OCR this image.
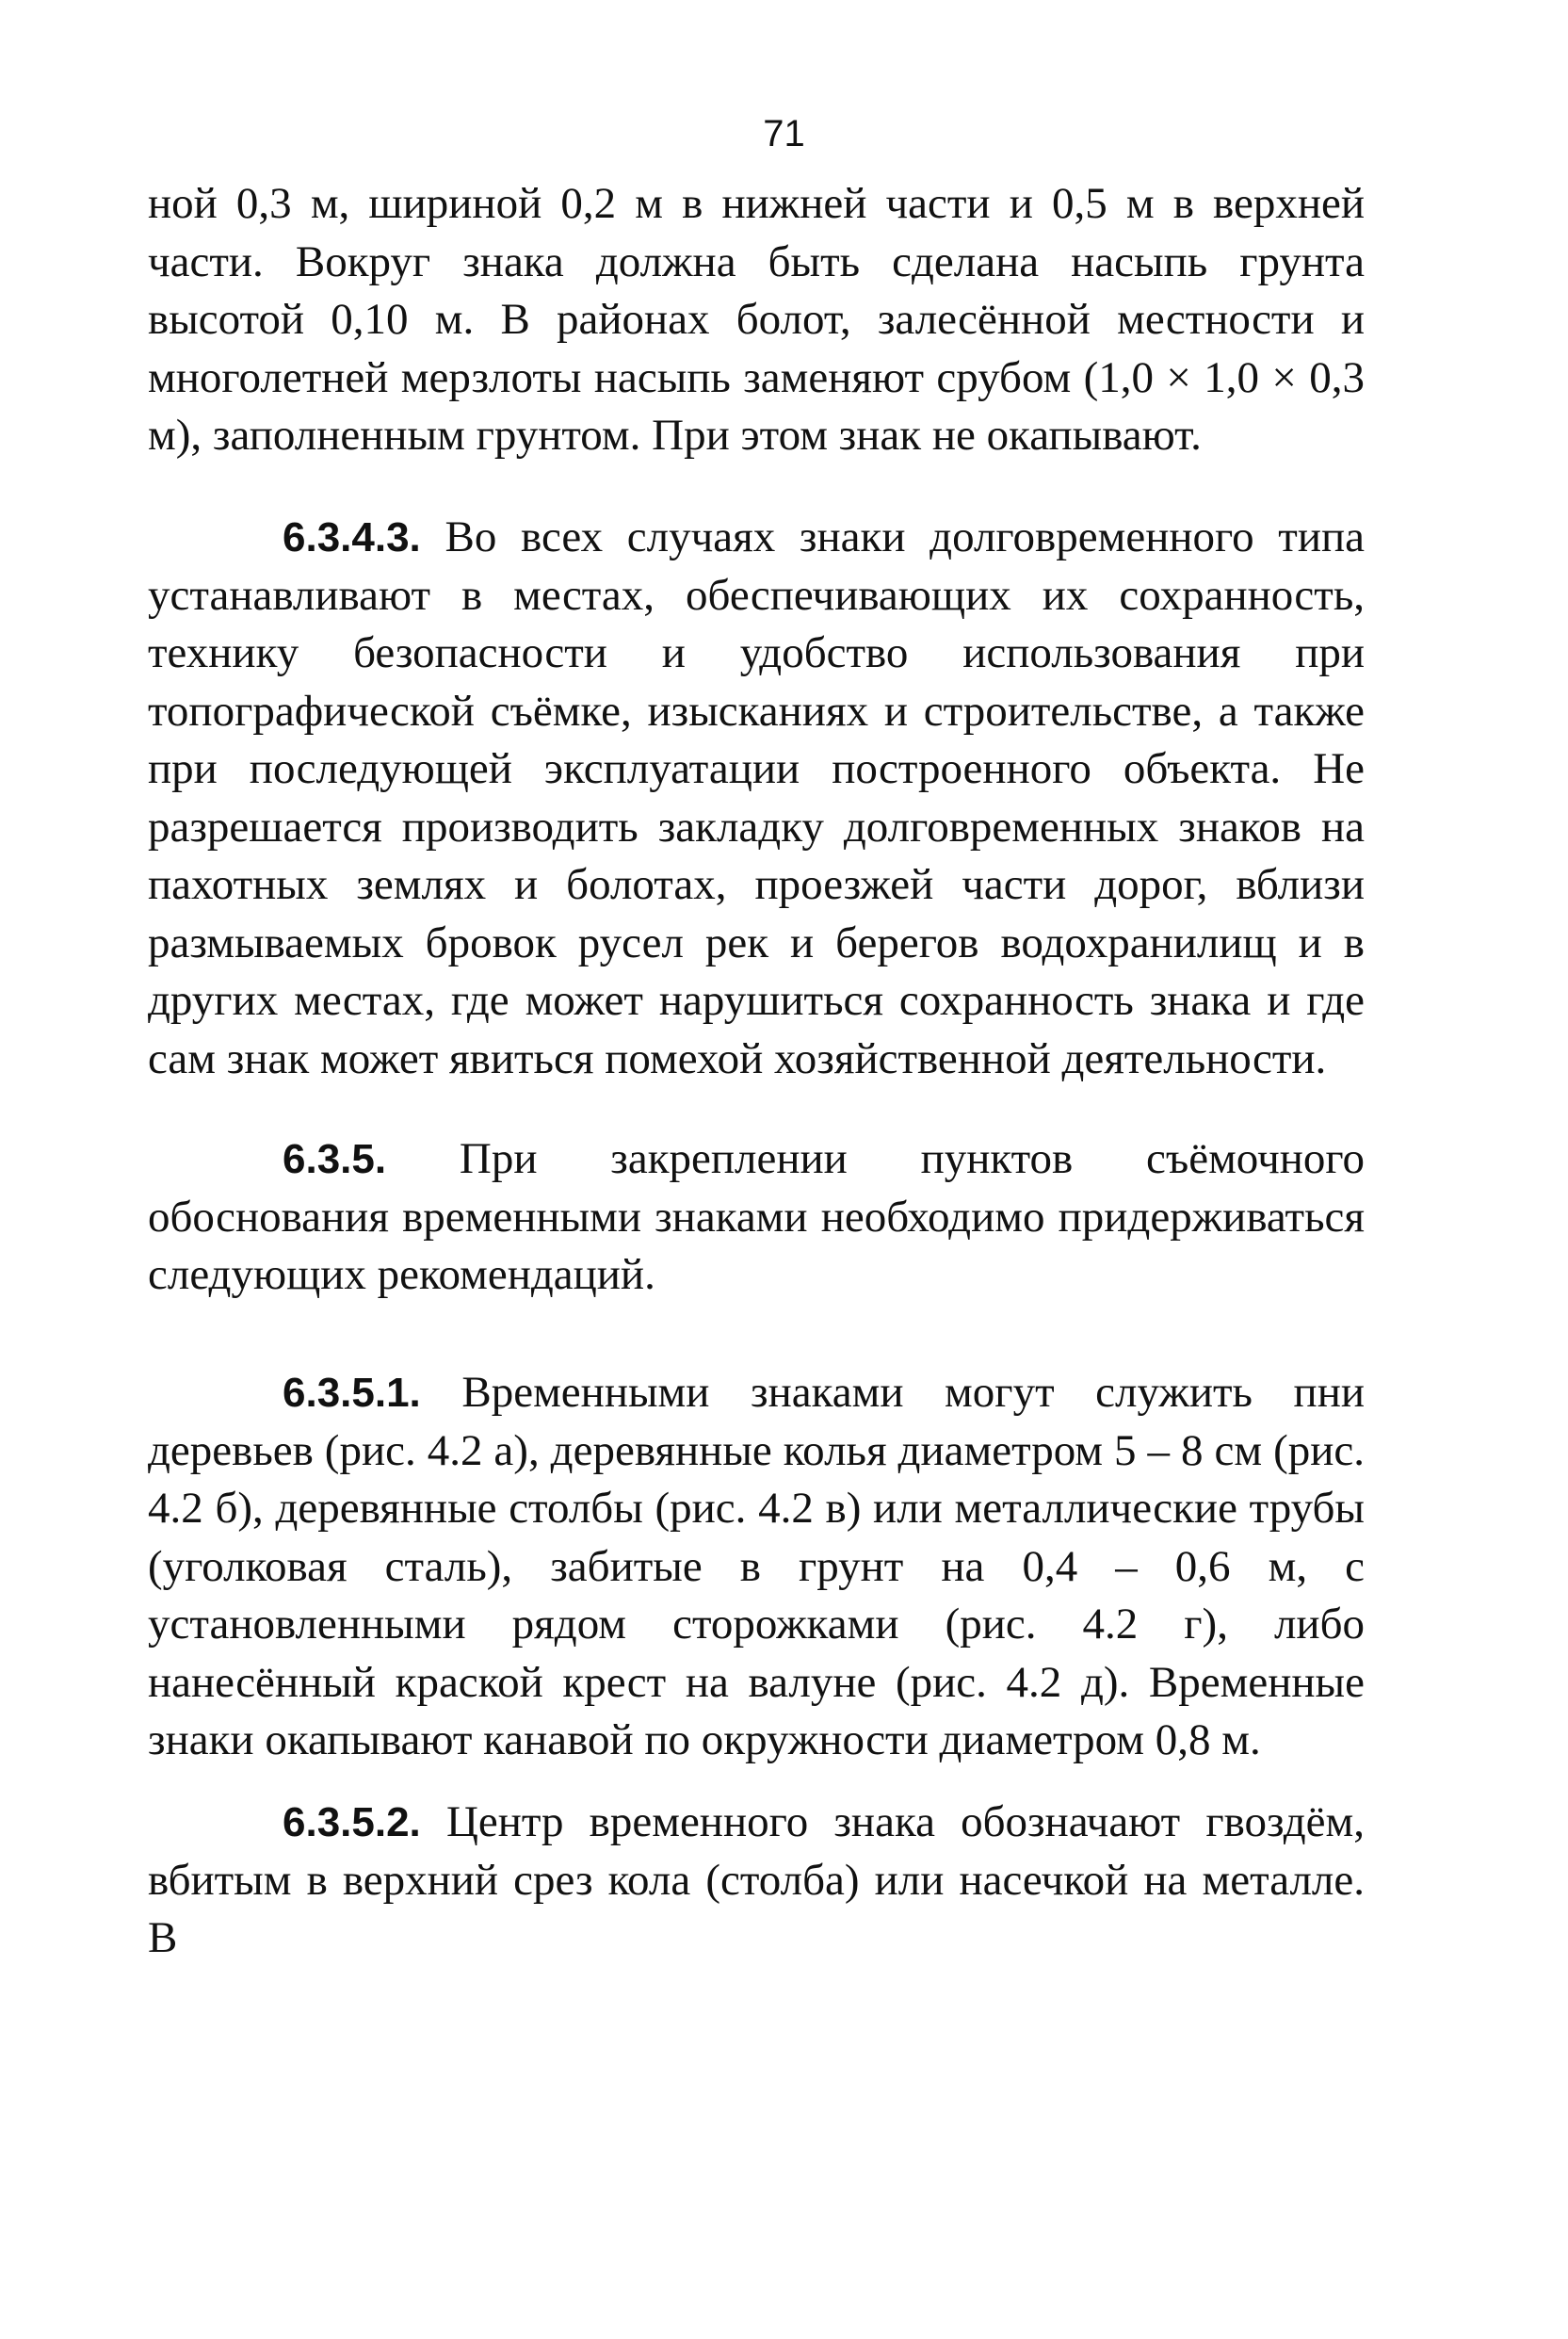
71

ной 0,3 м, шириной 0,2 м в нижней части и 0,5 м в верхней части. Вокруг знака должна быть сделана насыпь грунта высотой 0,10 м. В районах болот, залесённой местности и многолетней мерзлоты насыпь заменяют срубом (1,0 × 1,0 × 0,3 м), заполненным грунтом. При этом знак не окапывают.

6.3.4.3. Во всех случаях знаки долговременного типа устанавливают в местах, обеспечивающих их сохранность, технику безопасности и удобство использования при топографической съёмке, изысканиях и строительстве, а также при последующей эксплуатации построенного объекта. Не разрешается производить закладку долговременных знаков на пахотных землях и болотах, проезжей части дорог, вблизи размываемых бровок русел рек и берегов водохранилищ и в других местах, где может нарушиться сохранность знака и где сам знак может явиться помехой хозяйственной деятельности.

6.3.5. При закреплении пунктов съёмочного обоснования временными знаками необходимо придерживаться следующих рекомендаций.

6.3.5.1. Временными знаками могут служить пни деревьев (рис. 4.2 а), деревянные колья диаметром 5 – 8 см (рис. 4.2 б), деревянные столбы (рис. 4.2 в) или металлические трубы (уголковая сталь), забитые в грунт на 0,4 – 0,6 м, с установленными рядом сторожками (рис. 4.2 г), либо нанесённый краской крест на валуне (рис. 4.2 д). Временные знаки окапывают канавой по окружности диаметром 0,8 м.

6.3.5.2. Центр временного знака обозначают гвоздём, вбитым в верхний срез кола (столба) или насечкой на металле. В
